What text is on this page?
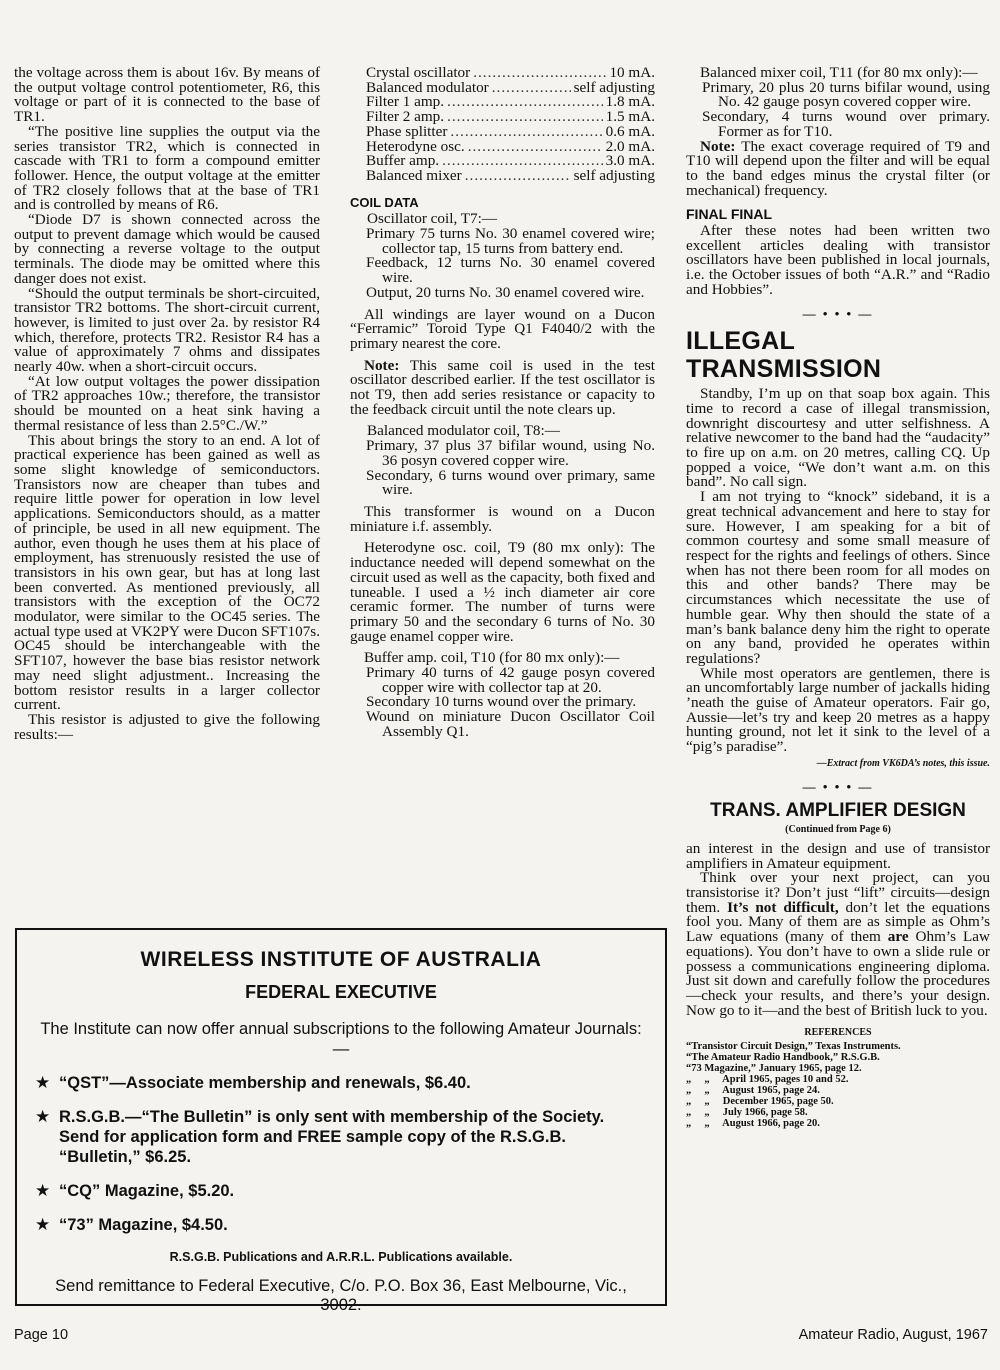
the voltage across them is about 16v. By means of the output voltage control potentiometer, R6, this voltage or part of it is connected to the base of TR1.

“The positive line supplies the output via the series transistor TR2, which is connected in cascade with TR1 to form a compound emitter follower. Hence, the output voltage at the emitter of TR2 closely follows that at the base of TR1 and is controlled by means of R6.

“Diode D7 is shown connected across the output to prevent damage which would be caused by connecting a reverse voltage to the output terminals. The diode may be omitted where this danger does not exist.

“Should the output terminals be short-circuited, transistor TR2 bottoms. The short-circuit current, however, is limited to just over 2a. by resistor R4 which, therefore, protects TR2. Resistor R4 has a value of approximately 7 ohms and dissipates nearly 40w. when a short-circuit occurs.

“At low output voltages the power dissipation of TR2 approaches 10w.; therefore, the transistor should be mounted on a heat sink having a thermal resistance of less than 2.5°C./W.”

This about brings the story to an end. A lot of practical experience has been gained as well as some slight knowledge of semiconductors. Transistors now are cheaper than tubes and require little power for operation in low level applications. Semiconductors should, as a matter of principle, be used in all new equipment. The author, even though he uses them at his place of employment, has strenuously resisted the use of transistors in his own gear, but has at long last been converted. As mentioned previously, all transistors with the exception of the OC72 modulator, were similar to the OC45 series. The actual type used at VK2PY were Ducon SFT107s. OC45 should be interchangeable with the SFT107, however the base bias resistor network may need slight adjustment.. Increasing the bottom resistor results in a larger collector current.

This resistor is adjusted to give the following results:—

Crystal oscillator .....	10 mA.
Balanced modulator .....	self adjusting
Filter 1 amp. .....	1.8 mA.
Filter 2 amp. .....	1.5 mA.
Phase splitter .....	0.6 mA.
Heterodyne osc. .....	2.0 mA.
Buffer amp. .....	3.0 mA.
Balanced mixer .....	self adjusting
COIL DATA

Oscillator coil, T7:—

Primary 75 turns No. 30 enamel covered wire; collector tap, 15 turns from battery end.

Feedback, 12 turns No. 30 enamel covered wire.

Output, 20 turns No. 30 enamel covered wire.

All windings are layer wound on a Ducon “Ferramic” Toroid Type Q1 F4040/2 with the primary nearest the core.

Note: This same coil is used in the test oscillator described earlier. If the test oscillator is not T9, then add series resistance or capacity to the feedback circuit until the note clears up.

Balanced modulator coil, T8:—

Primary, 37 plus 37 bifilar wound, using No. 36 posyn covered copper wire.

Secondary, 6 turns wound over primary, same wire.

This transformer is wound on a Ducon miniature i.f. assembly.

Heterodyne osc. coil, T9 (80 mx only): The inductance needed will depend somewhat on the circuit used as well as the capacity, both fixed and tuneable. I used a ½ inch diameter air core ceramic former. The number of turns were primary 50 and the secondary 6 turns of No. 30 gauge enamel copper wire.

Buffer amp. coil, T10 (for 80 mx only):—

Primary 40 turns of 42 gauge posyn covered copper wire with collector tap at 20.

Secondary 10 turns wound over the primary.

Wound on miniature Ducon Oscillator Coil Assembly Q1.

Balanced mixer coil, T11 (for 80 mx only):—

Primary, 20 plus 20 turns bifilar wound, using No. 42 gauge posyn covered copper wire.

Secondary, 4 turns wound over primary. Former as for T10.

Note: The exact coverage required of T9 and T10 will depend upon the filter and will be equal to the band edges minus the crystal filter (or mechanical) frequency.

FINAL FINAL

After these notes had been written two excellent articles dealing with transistor oscillators have been published in local journals, i.e. the October issues of both “A.R.” and “Radio and Hobbies”.

— • • • —
ILLEGAL TRANSMISSION

Standby, I’m up on that soap box again. This time to record a case of illegal transmission, downright discourtesy and utter selfishness. A relative newcomer to the band had the “audacity” to fire up on a.m. on 20 metres, calling CQ. Up popped a voice, “We don’t want a.m. on this band”. No call sign.

I am not trying to “knock” sideband, it is a great technical advancement and here to stay for sure. However, I am speaking for a bit of common courtesy and some small measure of respect for the rights and feelings of others. Since when has not there been room for all modes on this and other bands? There may be circumstances which necessitate the use of humble gear. Why then should the state of a man’s bank balance deny him the right to operate on any band, provided he operates within regulations?

While most operators are gentlemen, there is an uncomfortably large number of jackalls hiding ’neath the guise of Amateur operators. Fair go, Aussie—let’s try and keep 20 metres as a happy hunting ground, not let it sink to the level of a “pig’s paradise”.

—Extract from VK6DA’s notes, this issue.
— • • • —
TRANS. AMPLIFIER DESIGN
(Continued from Page 6)

an interest in the design and use of transistor amplifiers in Amateur equipment.

Think over your next project, can you transistorise it? Don’t just “lift” circuits—design them. It’s not difficult, don’t let the equations fool you. Many of them are as simple as Ohm’s Law equations (many of them are Ohm’s Law equations). You don’t have to own a slide rule or possess a communications engineering diploma. Just sit down and carefully follow the procedures—check your results, and there’s your design. Now go to it—and the best of British luck to you.

REFERENCES
“Transistor Circuit Design,” Texas Instruments.
“The Amateur Radio Handbook,” R.S.G.B.
“73 Magazine,” January 1965, page 12.
„     „     April 1965, pages 10 and 52.
„     „     August 1965, page 24.
„     „     December 1965, page 50.
„     „     July 1966, page 58.
„     „     August 1966, page 20.
WIRELESS INSTITUTE OF AUSTRALIA
FEDERAL EXECUTIVE
The Institute can now offer annual subscriptions to the following Amateur Journals:—
★ “QST”—Associate membership and renewals, $6.40.
★ R.S.G.B.—“The Bulletin” is only sent with membership of the Society. Send for application form and FREE sample copy of the R.S.G.B. “Bulletin,” $6.25.
★ “CQ” Magazine, $5.20.
★ “73” Magazine, $4.50.
R.S.G.B. Publications and A.R.R.L. Publications available.
Send remittance to Federal Executive, C/o. P.O. Box 36, East Melbourne, Vic., 3002.
Page 10	Amateur Radio, August, 1967
